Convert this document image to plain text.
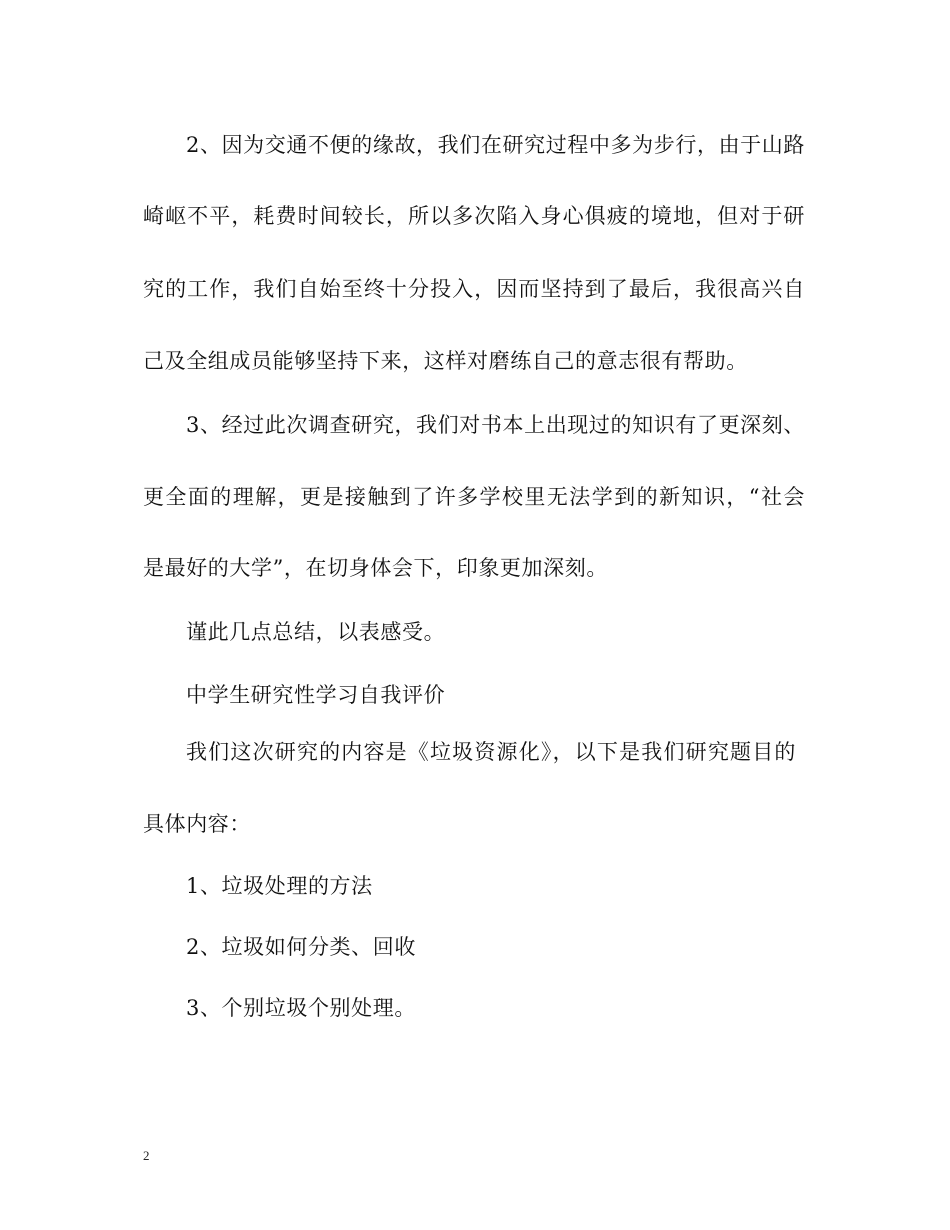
2、因为交通不便的缘故，我们在研究过程中多为步行，由于山路
崎岖不平，耗费时间较长，所以多次陷入身心俱疲的境地，但对于研
究的工作，我们自始至终十分投入，因而坚持到了最后，我很高兴自
己及全组成员能够坚持下来，这样对磨练自己的意志很有帮助。
3、经过此次调查研究，我们对书本上出现过的知识有了更深刻、
更全面的理解，更是接触到了许多学校里无法学到的新知识，“社会
是最好的大学”，在切身体会下，印象更加深刻。
谨此几点总结，以表感受。
中学生研究性学习自我评价
我们这次研究的内容是《垃圾资源化》，以下是我们研究题目的
具体内容：
1、垃圾处理的方法
2、垃圾如何分类、回收
3、个别垃圾个别处理。
2
